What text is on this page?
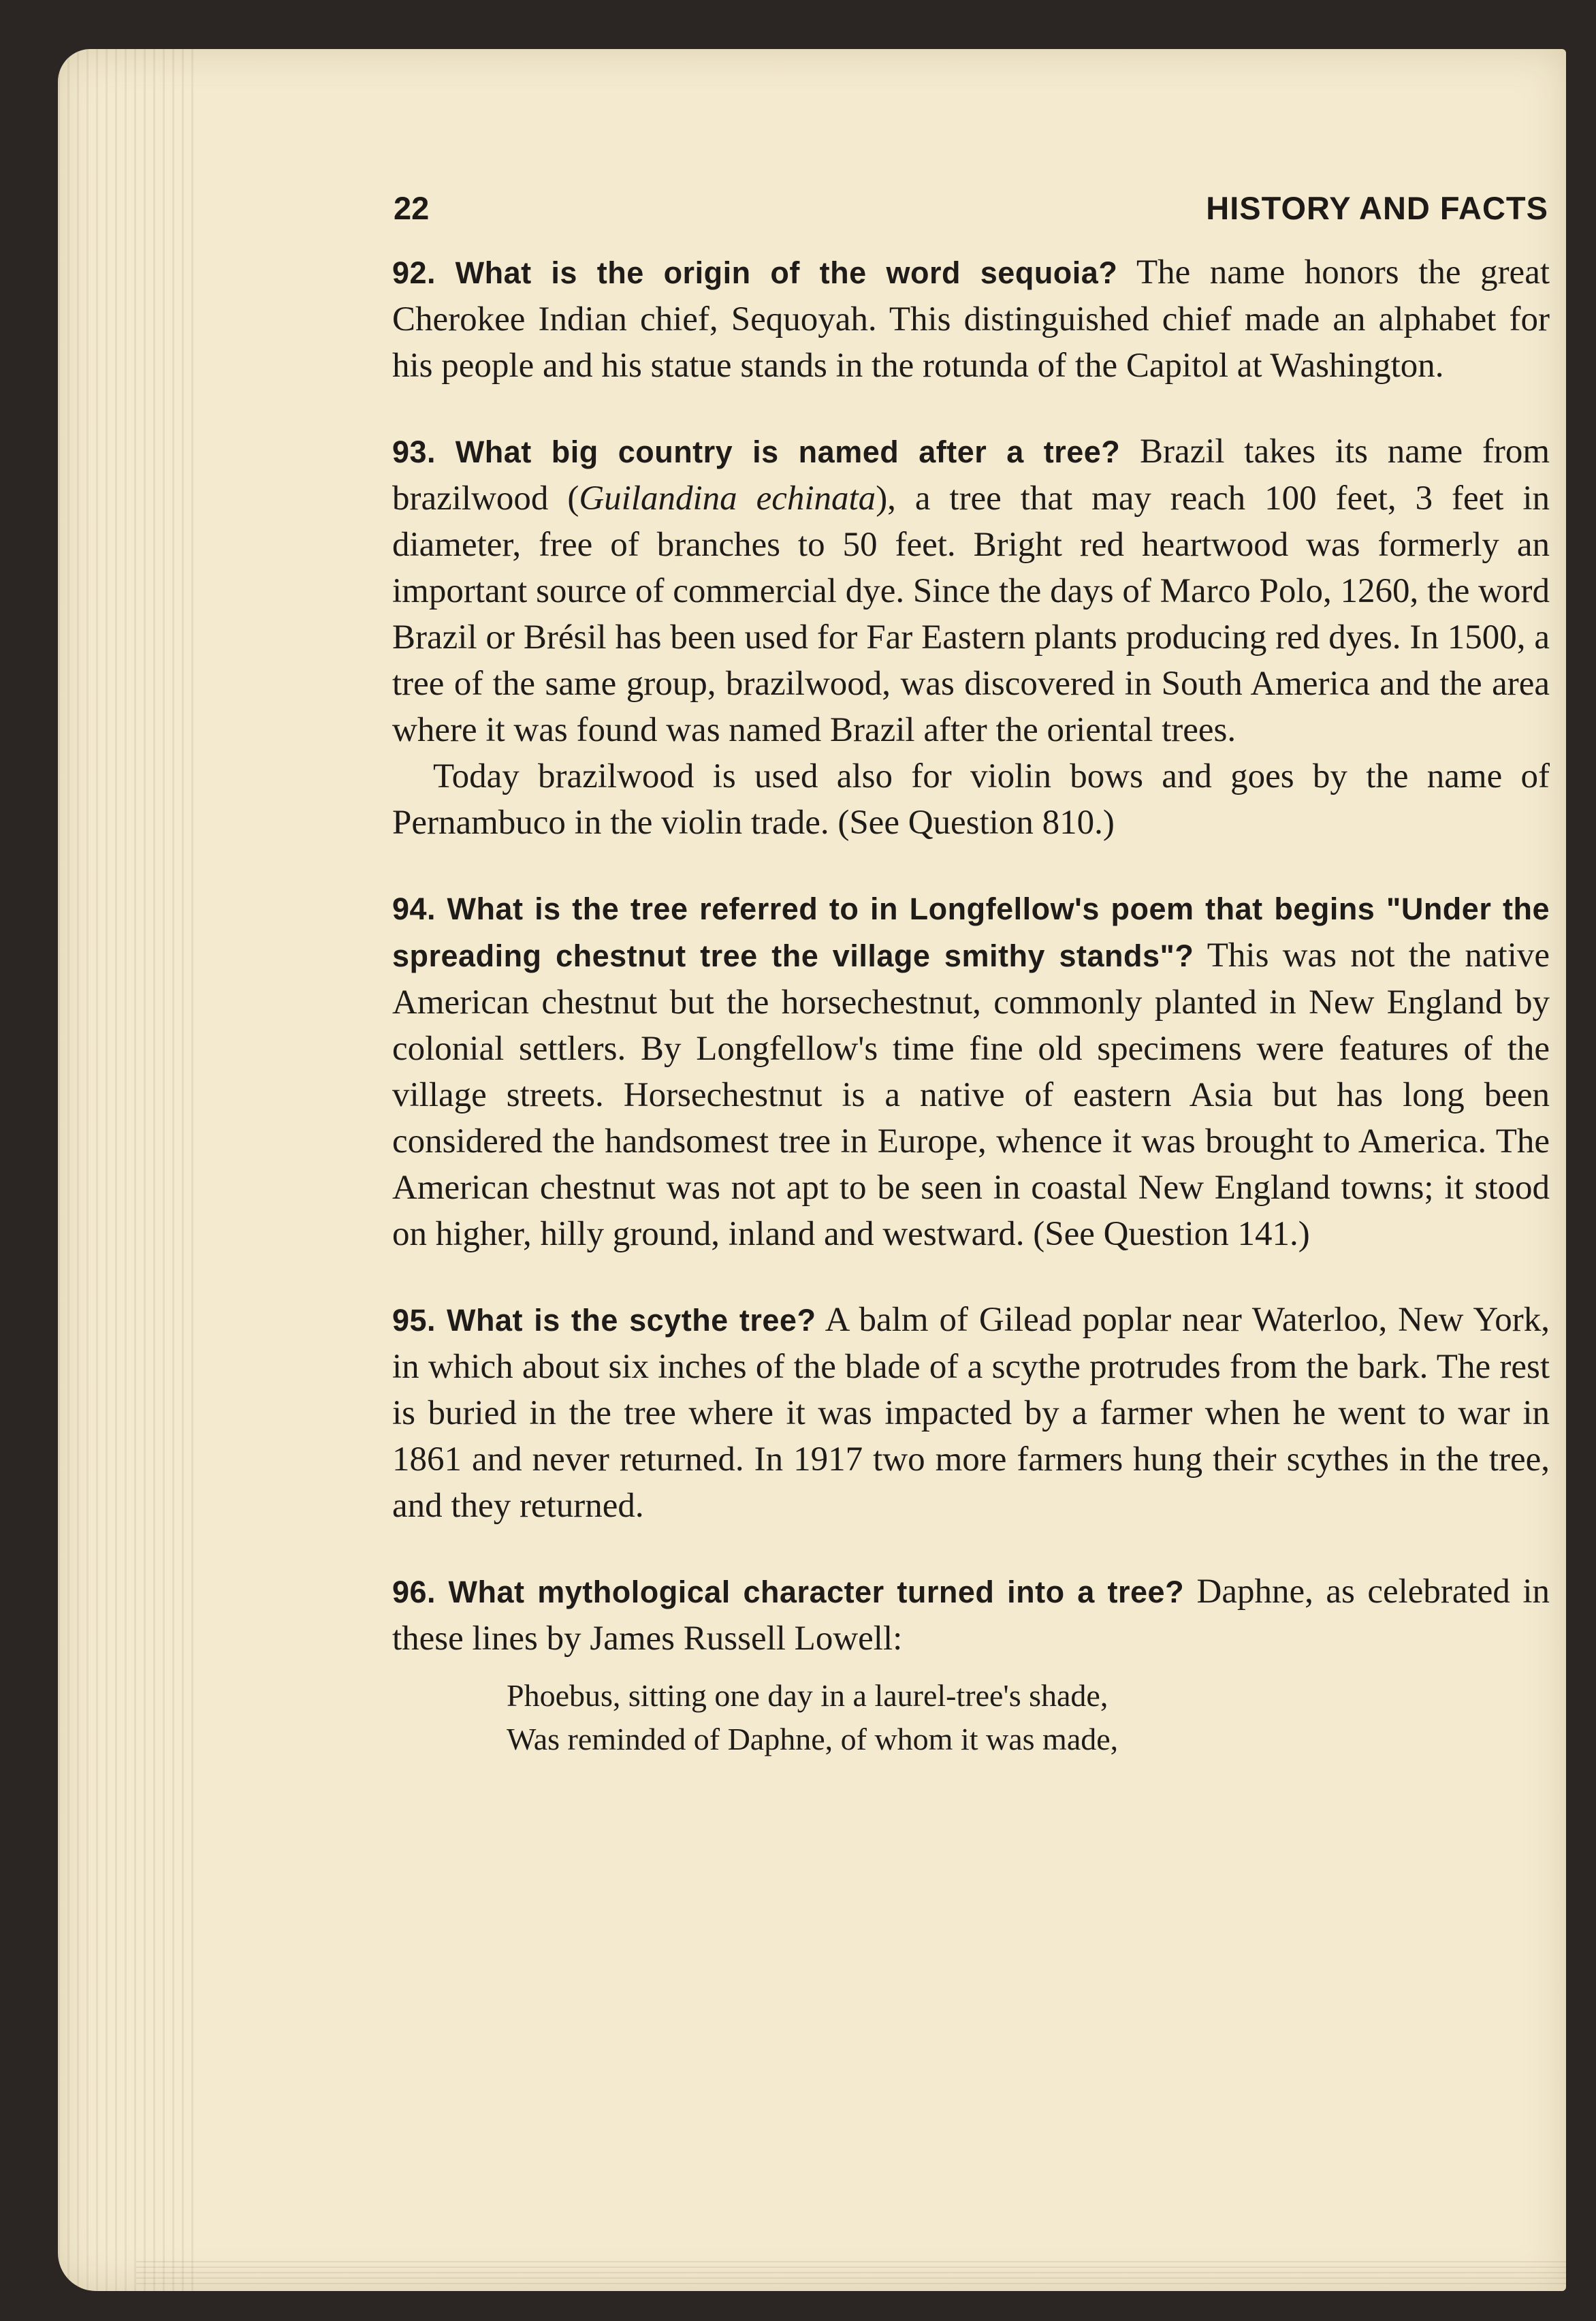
22	HISTORY AND FACTS

92. What is the origin of the word sequoia? The name honors the great Cherokee Indian chief, Sequoyah. This distinguished chief made an alphabet for his people and his statue stands in the rotunda of the Capitol at Washington.

93. What big country is named after a tree? Brazil takes its name from brazilwood (Guilandina echinata), a tree that may reach 100 feet, 3 feet in diameter, free of branches to 50 feet. Bright red heartwood was formerly an important source of commercial dye. Since the days of Marco Polo, 1260, the word Brazil or Brésil has been used for Far Eastern plants producing red dyes. In 1500, a tree of the same group, brazilwood, was discovered in South America and the area where it was found was named Brazil after the oriental trees.

Today brazilwood is used also for violin bows and goes by the name of Pernambuco in the violin trade. (See Question 810.)

94. What is the tree referred to in Longfellow's poem that begins "Under the spreading chestnut tree the village smithy stands"? This was not the native American chestnut but the horsechestnut, commonly planted in New England by colonial settlers. By Longfellow's time fine old specimens were features of the village streets. Horsechestnut is a native of eastern Asia but has long been considered the handsomest tree in Europe, whence it was brought to America. The American chestnut was not apt to be seen in coastal New England towns; it stood on higher, hilly ground, inland and westward. (See Question 141.)

95. What is the scythe tree? A balm of Gilead poplar near Waterloo, New York, in which about six inches of the blade of a scythe protrudes from the bark. The rest is buried in the tree where it was impacted by a farmer when he went to war in 1861 and never returned. In 1917 two more farmers hung their scythes in the tree, and they returned.

96. What mythological character turned into a tree? Daphne, as celebrated in these lines by James Russell Lowell:

Phoebus, sitting one day in a laurel-tree's shade,
Was reminded of Daphne, of whom it was made,
